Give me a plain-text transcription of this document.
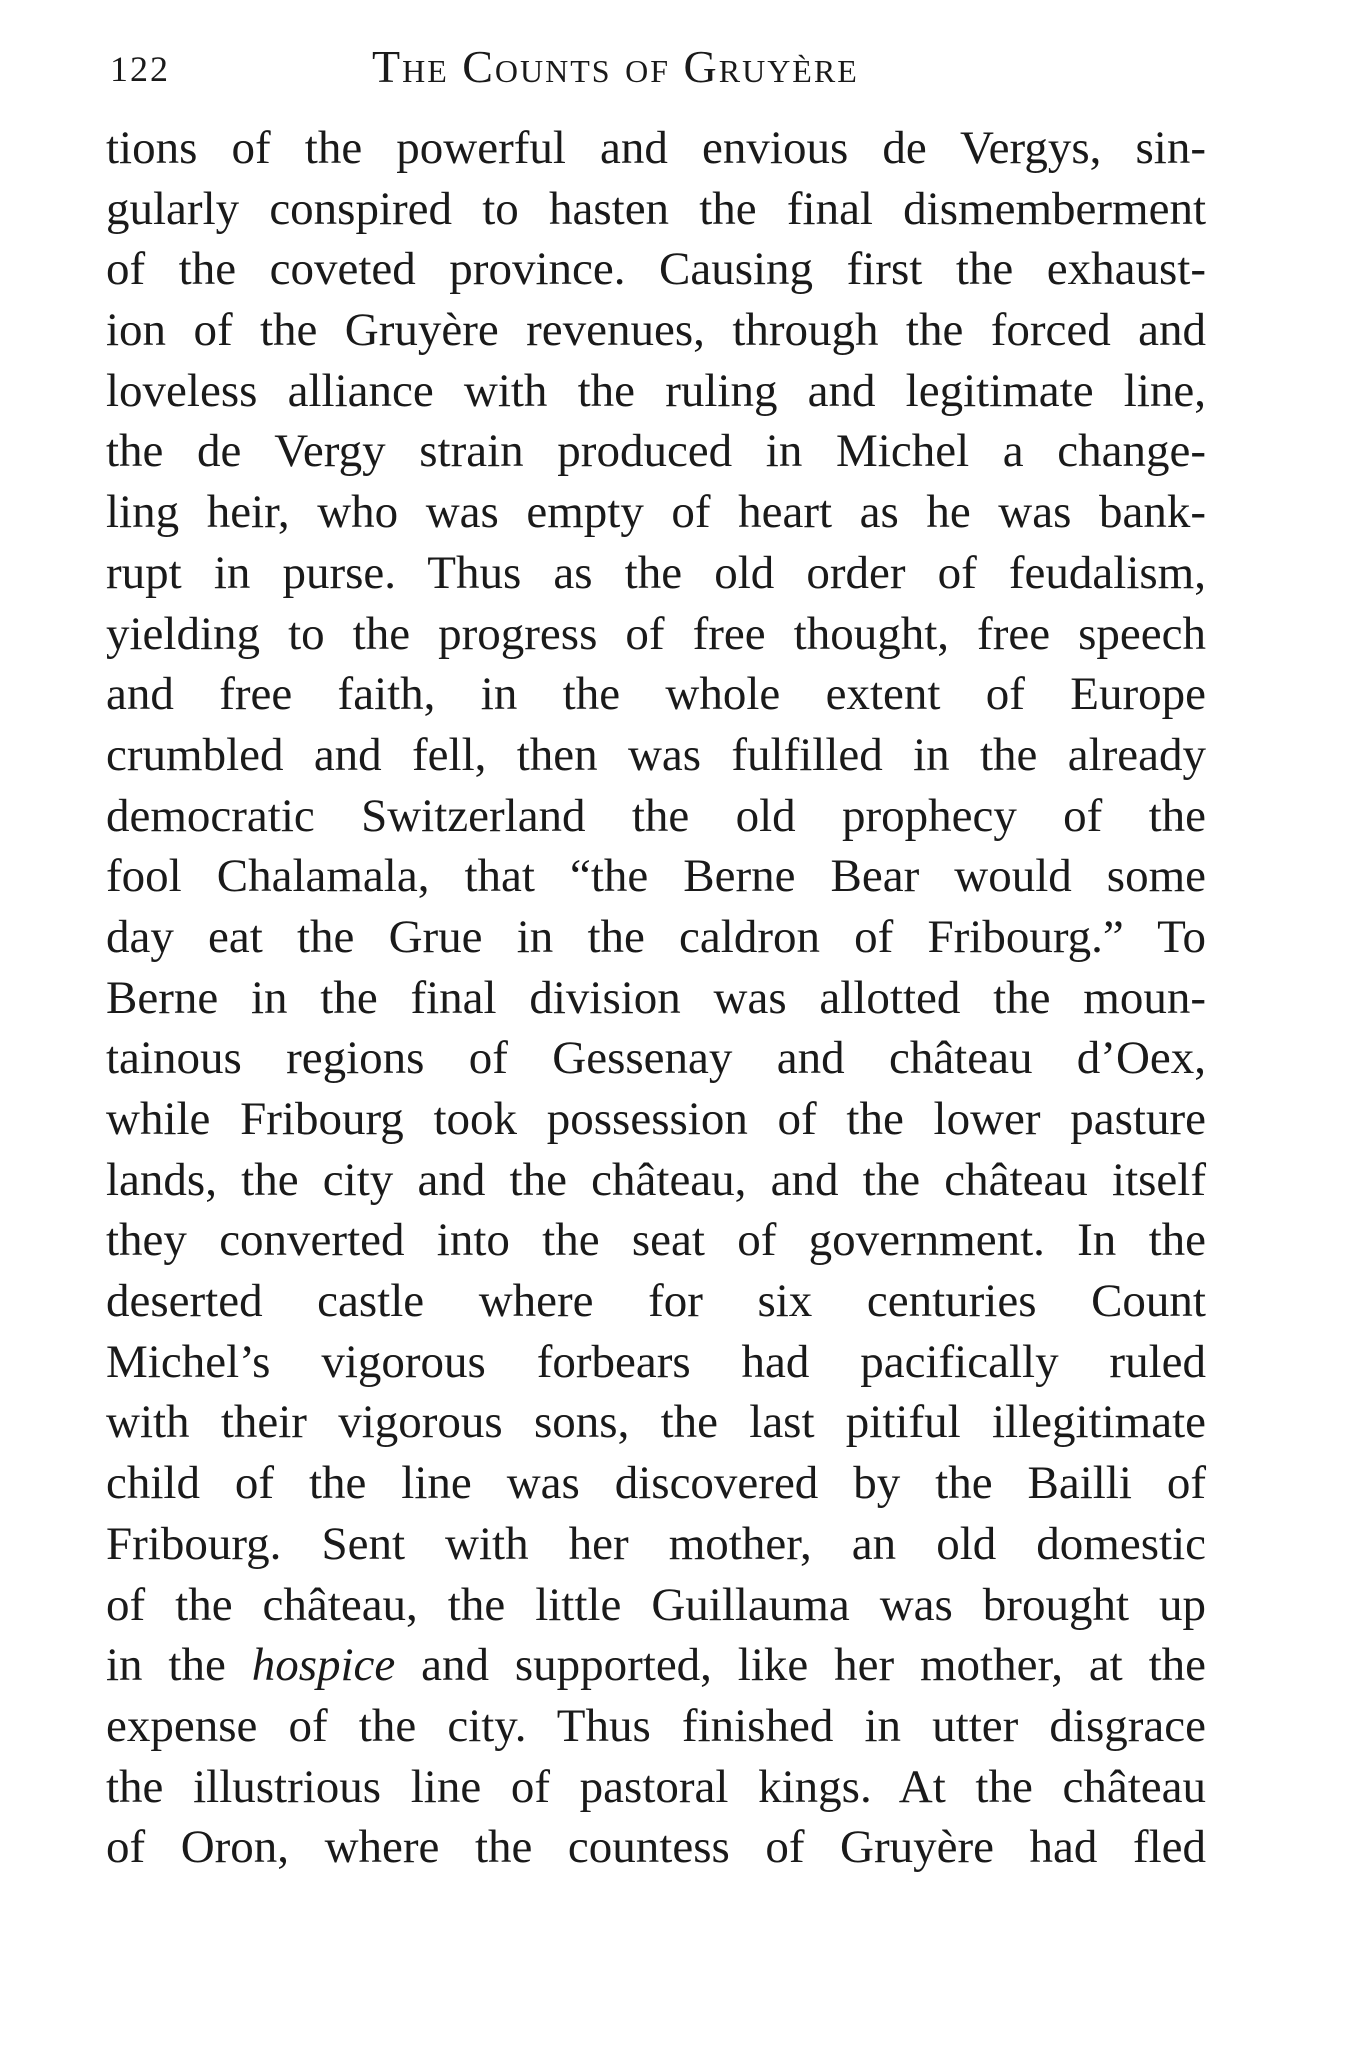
122	The Counts of Gruyère
tions of the powerful and envious de Vergys, sin-
gularly conspired to hasten the final dismemberment
of the coveted province. Causing first the exhaust-
ion of the Gruyère revenues, through the forced and
loveless alliance with the ruling and legitimate line,
the de Vergy strain produced in Michel a change-
ling heir, who was empty of heart as he was bank-
rupt in purse. Thus as the old order of feudalism,
yielding to the progress of free thought, free speech
and free faith, in the whole extent of Europe
crumbled and fell, then was fulfilled in the already
democratic Switzerland the old prophecy of the
fool Chalamala, that “the Berne Bear would some
day eat the Grue in the caldron of Fribourg.” To
Berne in the final division was allotted the moun-
tainous regions of Gessenay and château d’Oex,
while Fribourg took possession of the lower pasture
lands, the city and the château, and the château itself
they converted into the seat of government. In the
deserted castle where for six centuries Count
Michel’s vigorous forbears had pacifically ruled
with their vigorous sons, the last pitiful illegitimate
child of the line was discovered by the Bailli of
Fribourg. Sent with her mother, an old domestic
of the château, the little Guillauma was brought up
in the hospice and supported, like her mother, at the
expense of the city. Thus finished in utter disgrace
the illustrious line of pastoral kings. At the château
of Oron, where the countess of Gruyère had fled
